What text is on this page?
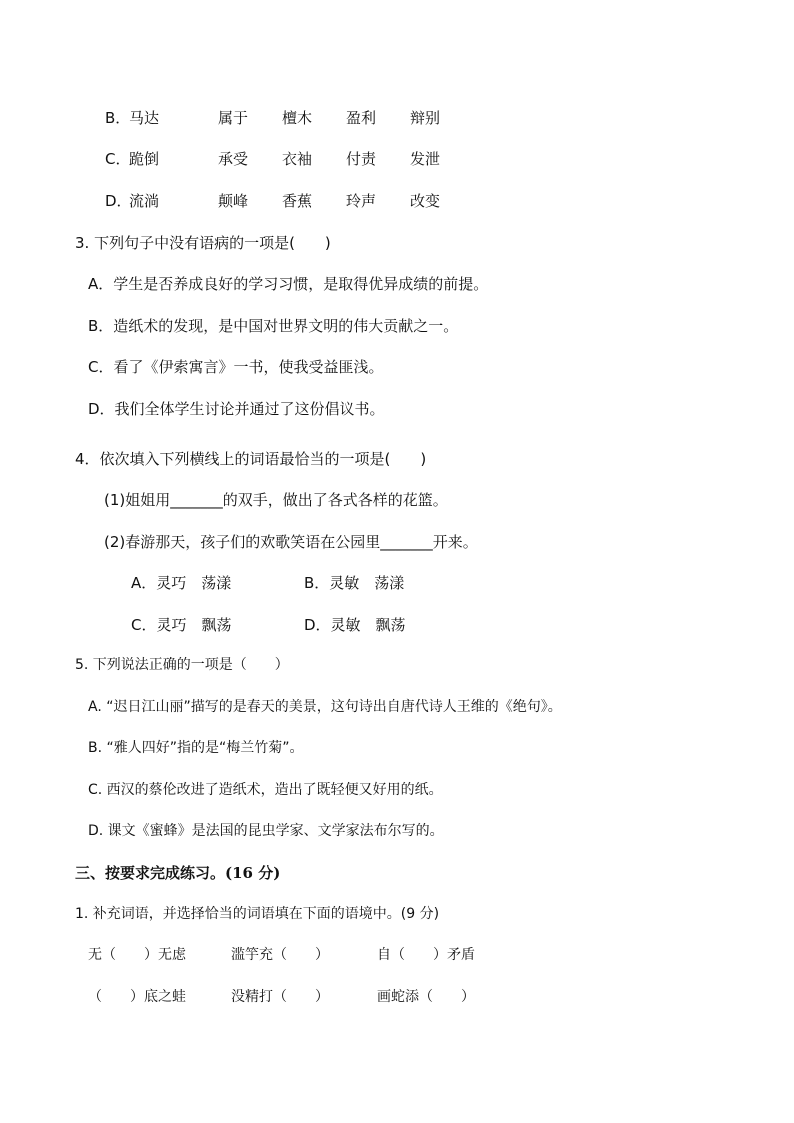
B．
马达	属于	檀木	盈利	辩别
C．
跪倒	承受	衣袖	付责	发泄
D．
流淌	颠峰	香蕉	玲声	改变
3. 下列句子中没有语病的一项是(　　)
A．学生是否养成良好的学习习惯，是取得优异成绩的前提。
B．造纸术的发现，是中国对世界文明的伟大贡献之一。
C．看了《伊索寓言》一书，使我受益匪浅。
D．我们全体学生讨论并通过了这份倡议书。
4．依次填入下列横线上的词语最恰当的一项是(　　)
(1)姐姐用_______的双手，做出了各式各样的花篮。
(2)春游那天，孩子们的欢歌笑语在公园里_______开来。
A．灵巧　荡漾	B．灵敏　荡漾
C．灵巧　飘荡	D．灵敏　飘荡
5. 下列说法正确的一项是（　　）
A. “迟日江山丽”描写的是春天的美景，这句诗出自唐代诗人王维的《绝句》。
B. “雅人四好”指的是“梅兰竹菊”。
C. 西汉的蔡伦改进了造纸术，造出了既轻便又好用的纸。
D. 课文《蜜蜂》是法国的昆虫学家、文学家法布尔写的。
三、按要求完成练习。(16 分)
1. 补充词语，并选择恰当的词语填在下面的语境中。(9 分)
无（　　）无虑	滥竽充（　　）	自（　　）矛盾
（　　）底之蛙	没精打（　　）	画蛇添（　　）
